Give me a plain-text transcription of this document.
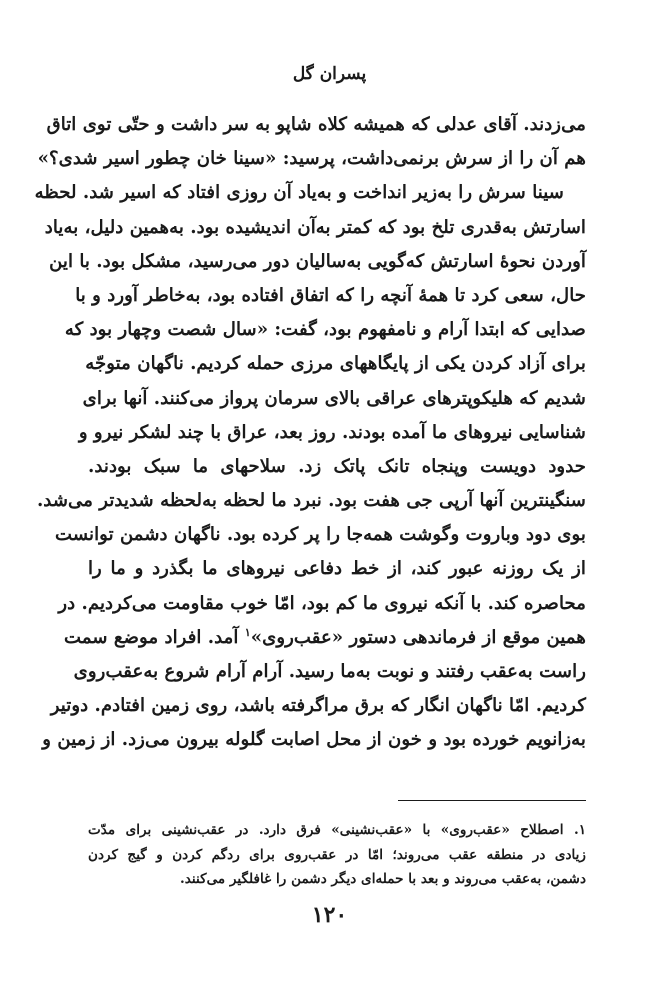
پسران گل
می‌زدند. آقای عدلی که همیشه کلاه شاپو به سر داشت و حتّی توی اتاق
هم آن را از سرش برنمی‌داشت، پرسید: «سینا خان چطور اسیر شدی؟»
سینا سرش را به‌زیر انداخت و به‌یاد آن روزی افتاد که اسیر شد. لحظه
اسارتش به‌قدری تلخ بود که کمتر به‌آن اندیشیده بود. به‌همین دلیل، به‌یاد
آوردن نحوهٔ اسارتش که‌گویی به‌سالیان دور می‌رسید، مشکل بود. با این
حال، سعی کرد تا همهٔ آنچه را که اتفاق افتاده بود، به‌خاطر آورد و با
صدایی که ابتدا آرام و نامفهوم بود، گفت: «سال شصت وچهار بود که
برای آزاد کردن یکی از پایگاههای مرزی حمله کردیم. ناگهان متوجّه
شدیم که هلیکوپترهای عراقی بالای سرمان پرواز می‌کنند. آنها برای
شناسایی نیروهای ما آمده بودند. روز بعد، عراق با چند لشکر نیرو و
حدود دویست وپنجاه تانک پاتک زد. سلاحهای ما سبک بودند.
سنگینترین آنها آرپی جی هفت بود. نبرد ما لحظه به‌لحظه شدیدتر می‌شد.
بوی دود وباروت وگوشت همه‌جا را پر کرده بود. ناگهان دشمن توانست
از یک روزنه عبور کند، از خط دفاعی نیروهای ما بگذرد و ما را
محاصره کند. با آنکه نیروی ما کم بود، امّا خوب مقاومت می‌کردیم. در
همین موقع از فرماندهی دستور «عقب‌روی»$^۱$ آمد. افراد موضع سمت
راست به‌عقب رفتند و نوبت به‌ما رسید. آرام آرام شروع به‌عقب‌روی
کردیم. امّا ناگهان انگار که برق مراگرفته باشد، روی زمین افتادم. دوتیر
به‌زانویم خورده بود و خون از محل اصابت گلوله بیرون می‌زد. از زمین و
۱. اصطلاح «عقب‌روی» با «عقب‌نشینی» فرق دارد. در عقب‌نشینی برای مدّت
زیادی در منطقه عقب می‌روند؛ امّا در عقب‌روی برای ردگم کردن و گیج کردن
دشمن، به‌عقب می‌روند و بعد با حمله‌ای دیگر دشمن را غافلگیر می‌کنند.
۱۲۰
